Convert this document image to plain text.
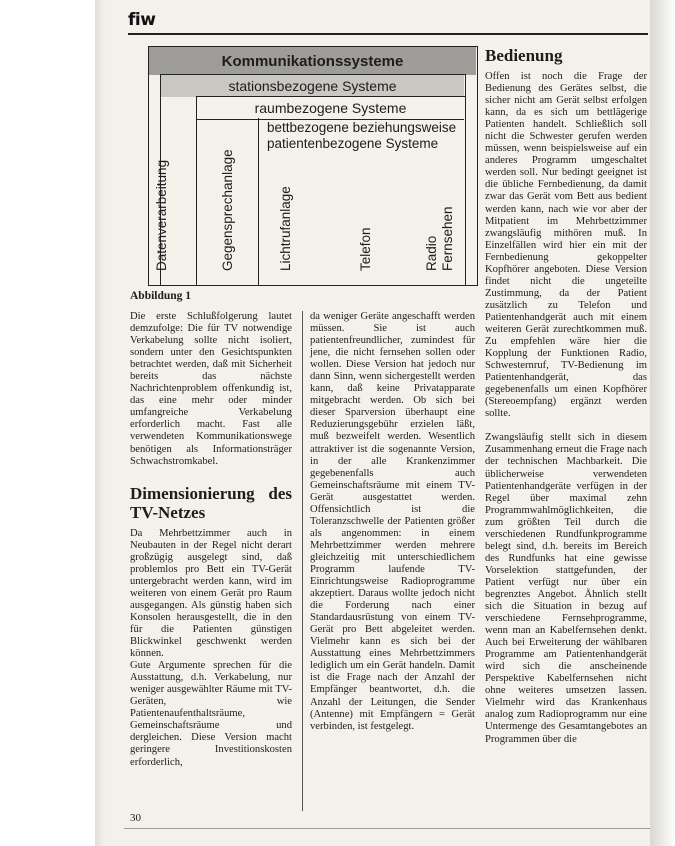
fiw
Kommunikationssysteme
stationsbezogene Systeme
raumbezogene Systeme
bettbezogene beziehungsweise patientenbezogene Systeme
Datenverarbeitung	Gegensprechanlage	Lichtrufanlage	Telefon	Radio Fernsehen
Abbildung 1

Die erste Schlußfolgerung lautet demzufolge: Die für TV notwendige Verkabelung sollte nicht isoliert, sondern unter den Gesichtspunkten betrachtet werden, daß mit Sicherheit bereits das nächste Nachrichtenproblem offenkundig ist, das eine mehr oder minder umfangreiche Verkabelung erforderlich macht. Fast alle verwendeten Kommunikationswege benötigen als Informationsträger Schwachstromkabel.

Dimensionierung des TV-Netzes

Da Mehrbettzimmer auch in Neubauten in der Regel nicht derart großzügig ausgelegt sind, daß problemlos pro Bett ein TV-Gerät untergebracht werden kann, wird im weiteren von einem Gerät pro Raum ausgegangen. Als günstig haben sich Konsolen herausgestellt, die in den für die Patienten günstigen Blickwinkel geschwenkt werden können.

Gute Argumente sprechen für die Ausstattung, d.h. Verkabelung, nur weniger ausgewählter Räume mit TV-Geräten, wie Patientenaufenthaltsräume, Gemeinschaftsräume und dergleichen. Diese Version macht geringere Investitionskosten erforderlich,

da weniger Geräte angeschafft werden müssen. Sie ist auch patientenfreundlicher, zumindest für jene, die nicht fernsehen sollen oder wollen. Diese Version hat jedoch nur dann Sinn, wenn sichergestellt werden kann, daß keine Privatapparate mitgebracht werden. Ob sich bei dieser Sparversion überhaupt eine Reduzierungsgebühr erzielen läßt, muß bezweifelt werden. Wesentlich attraktiver ist die sogenannte Version, in der alle Krankenzimmer gegebenenfalls auch Gemeinschaftsräume mit einem TV-Gerät ausgestattet werden. Offensichtlich ist die Toleranzschwelle der Patienten größer als angenommen: in einem Mehrbettzimmer werden mehrere gleichzeitig mit unterschiedlichem Programm laufende TV-Einrichtungsweise Radioprogramme akzeptiert. Daraus wollte jedoch nicht die Forderung nach einer Standardausrüstung von einem TV-Gerät pro Bett abgeleitet werden. Vielmehr kann es sich bei der Ausstattung eines Mehrbettzimmers lediglich um ein Gerät handeln. Damit ist die Frage nach der Anzahl der Empfänger beantwortet, d.h. die Anzahl der Leitungen, die Sender (Antenne) mit Empfängern = Gerät verbinden, ist festgelegt.

Bedienung

Offen ist noch die Frage der Bedienung des Gerätes selbst, die sicher nicht am Gerät selbst erfolgen kann, da es sich um bettlägerige Patienten handelt. Schließlich soll nicht die Schwester gerufen werden müssen, wenn beispielsweise auf ein anderes Programm umgeschaltet werden soll. Nur bedingt geeignet ist die übliche Fernbedienung, da damit zwar das Gerät vom Bett aus bedient werden kann, nach wie vor aber der Mitpatient im Mehrbettzimmer zwangsläufig mithören muß. In Einzelfällen wird hier ein mit der Fernbedienung gekoppelter Kopfhörer angeboten. Diese Version findet nicht die ungeteilte Zustimmung, da der Patient zusätzlich zu Telefon und Patientenhandgerät auch mit einem weiteren Gerät zurechtkommen muß. Zu empfehlen wäre hier die Kopplung der Funktionen Radio, Schwesternruf, TV-Bedienung im Patientenhandgerät, das gegebenenfalls um einen Kopfhörer (Stereoempfang) ergänzt werden sollte.

Zwangsläufig stellt sich in diesem Zusammenhang erneut die Frage nach der technischen Machbarkeit. Die üblicherweise verwendeten Patientenhandgeräte verfügen in der Regel über maximal zehn Programmwahlmöglichkeiten, die zum größten Teil durch die verschiedenen Rundfunkprogramme belegt sind, d.h. bereits im Bereich des Rundfunks hat eine gewisse Vorselektion stattgefunden, der Patient verfügt nur über ein begrenztes Angebot. Ähnlich stellt sich die Situation in bezug auf verschiedene Fernsehprogramme, wenn man an Kabelfernsehen denkt. Auch bei Erweiterung der wählbaren Programme am Patientenhandgerät wird sich die anscheinende Perspektive Kabelfernsehen nicht ohne weiteres umsetzen lassen. Vielmehr wird das Krankenhaus analog zum Radioprogramm nur eine Untermenge des Gesamtangebotes an Programmen über die

30
